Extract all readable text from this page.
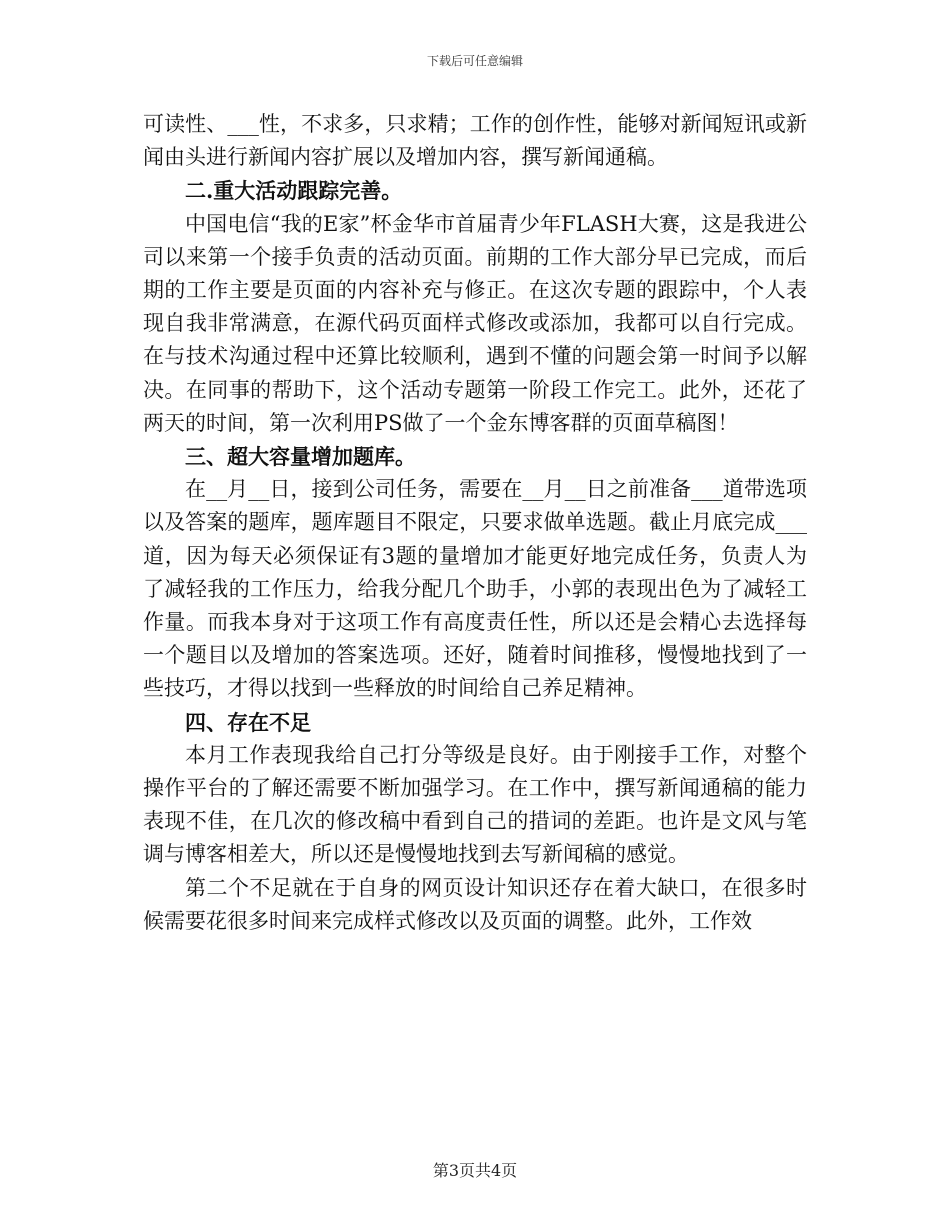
下载后可任意编辑

可读性、___性，不求多，只求精；工作的创作性，能够对新闻短讯或新闻由头进行新闻内容扩展以及增加内容，撰写新闻通稿。

二.重大活动跟踪完善。

中国电信“我的E家”杯金华市首届青少年FLASH大赛，这是我进公司以来第一个接手负责的活动页面。前期的工作大部分早已完成，而后期的工作主要是页面的内容补充与修正。在这次专题的跟踪中，个人表现自我非常满意，在源代码页面样式修改或添加，我都可以自行完成。在与技术沟通过程中还算比较顺利，遇到不懂的问题会第一时间予以解决。在同事的帮助下，这个活动专题第一阶段工作完工。此外，还花了两天的时间，第一次利用PS做了一个金东博客群的页面草稿图！

三、超大容量增加题库。

在__月__日，接到公司任务，需要在__月__日之前准备___道带选项以及答案的题库，题库题目不限定，只要求做单选题。截止月底完成___道，因为每天必须保证有3题的量增加才能更好地完成任务，负责人为了减轻我的工作压力，给我分配几个助手，小郭的表现出色为了减轻工作量。而我本身对于这项工作有高度责任性，所以还是会精心去选择每一个题目以及增加的答案选项。还好，随着时间推移，慢慢地找到了一些技巧，才得以找到一些释放的时间给自己养足精神。

四、存在不足

本月工作表现我给自己打分等级是良好。由于刚接手工作，对整个操作平台的了解还需要不断加强学习。在工作中，撰写新闻通稿的能力表现不佳，在几次的修改稿中看到自己的措词的差距。也许是文风与笔调与博客相差大，所以还是慢慢地找到去写新闻稿的感觉。

第二个不足就在于自身的网页设计知识还存在着大缺口，在很多时候需要花很多时间来完成样式修改以及页面的调整。此外，工作效

第3页共4页
